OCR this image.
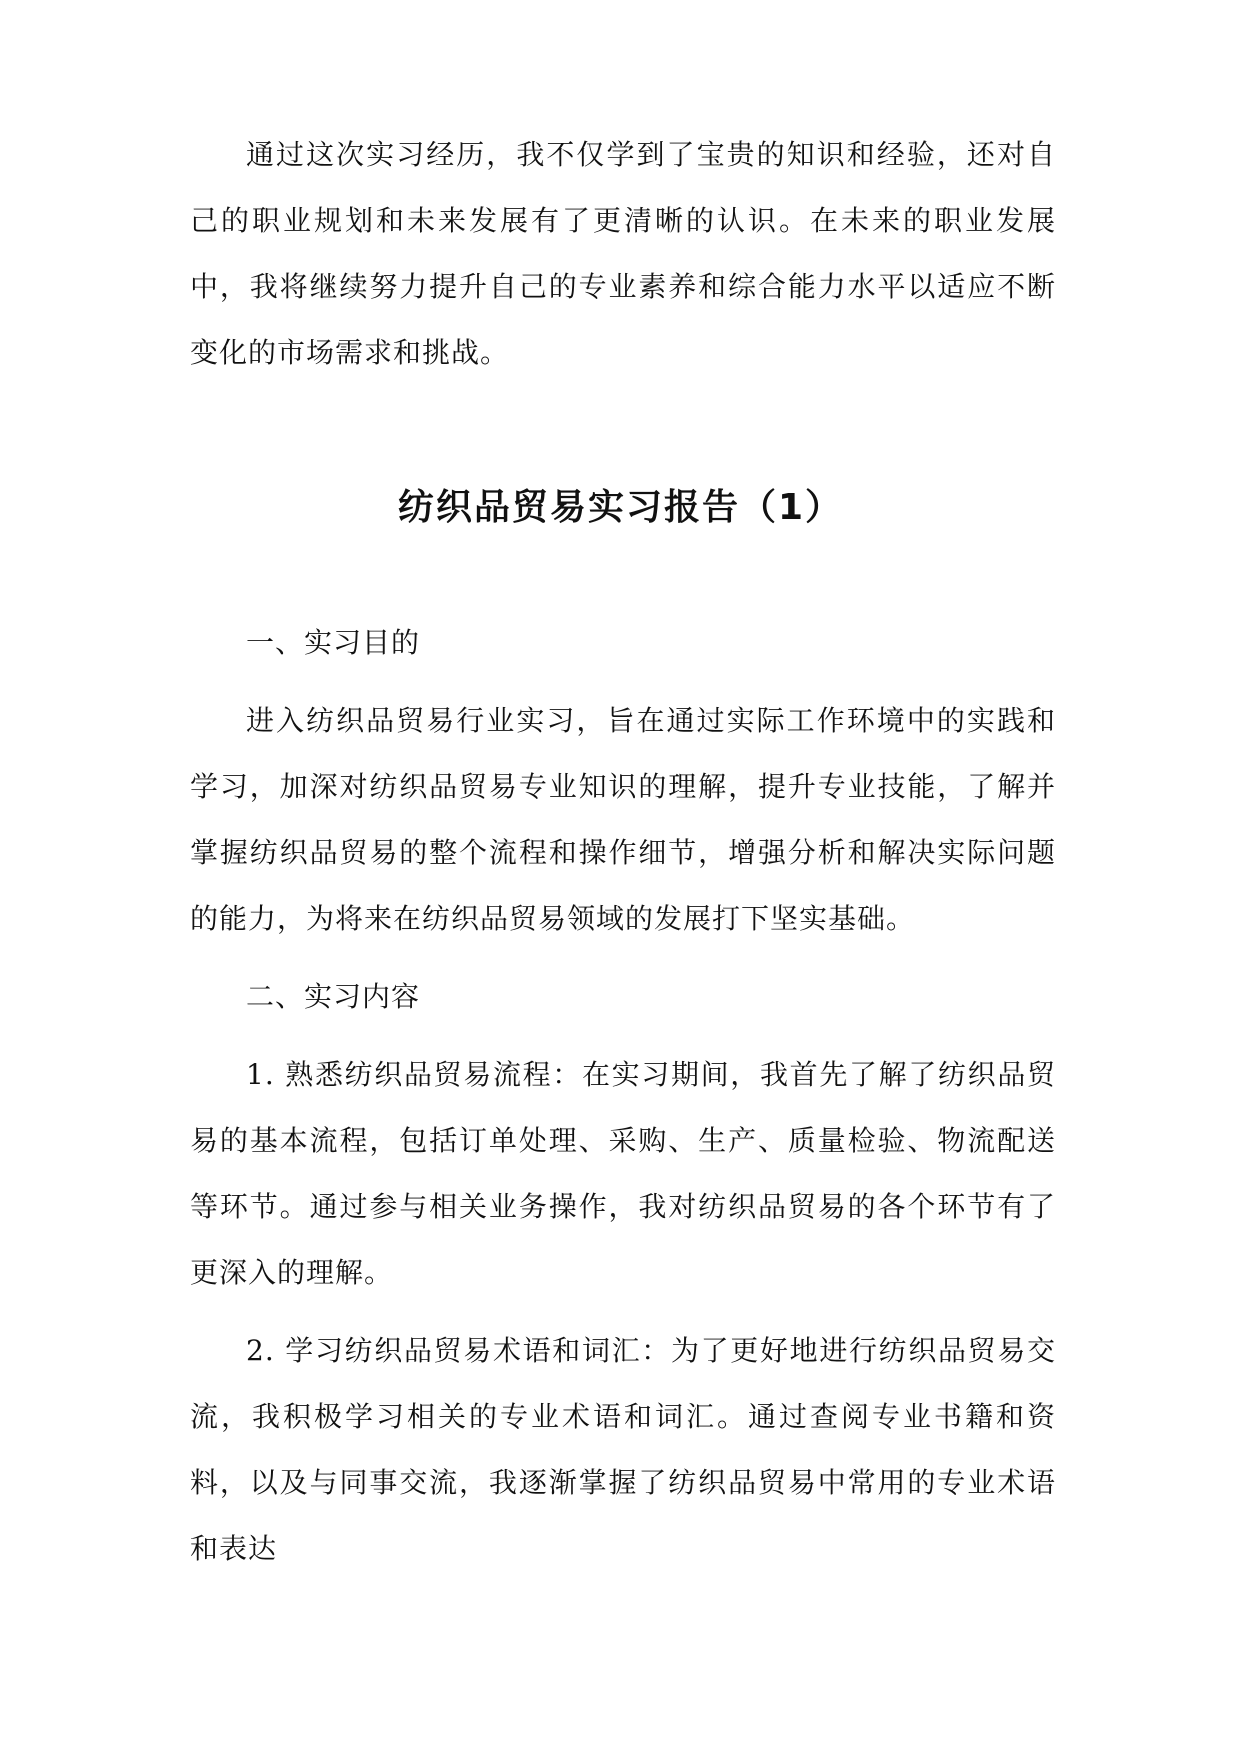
通过这次实习经历，我不仅学到了宝贵的知识和经验，还对自己的职业规划和未来发展有了更清晰的认识。在未来的职业发展中，我将继续努力提升自己的专业素养和综合能力水平以适应不断变化的市场需求和挑战。

纺织品贸易实习报告（1）

一、实习目的

进入纺织品贸易行业实习，旨在通过实际工作环境中的实践和学习，加深对纺织品贸易专业知识的理解，提升专业技能，了解并掌握纺织品贸易的整个流程和操作细节，增强分析和解决实际问题的能力，为将来在纺织品贸易领域的发展打下坚实基础。

二、实习内容

1. 熟悉纺织品贸易流程：在实习期间，我首先了解了纺织品贸易的基本流程，包括订单处理、采购、生产、质量检验、物流配送等环节。通过参与相关业务操作，我对纺织品贸易的各个环节有了更深入的理解。

2. 学习纺织品贸易术语和词汇：为了更好地进行纺织品贸易交流，我积极学习相关的专业术语和词汇。通过查阅专业书籍和资料，以及与同事交流，我逐渐掌握了纺织品贸易中常用的专业术语和表达
